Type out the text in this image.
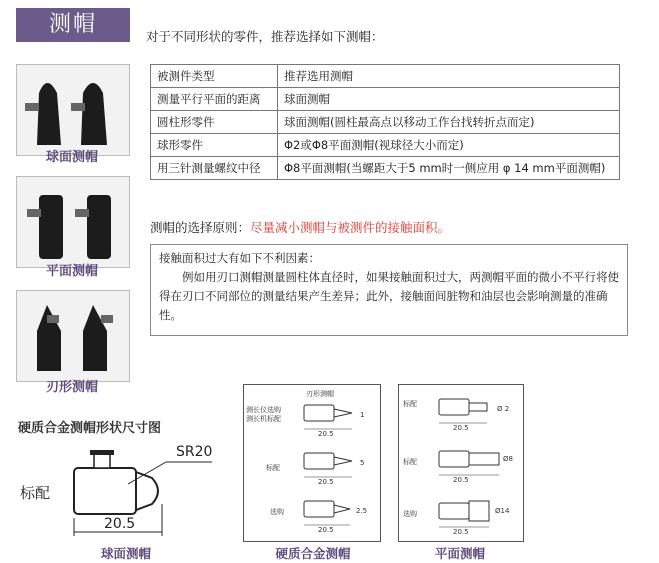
测帽	对于不同形状的零件，推荐选择如下测帽：
被测件类型	推荐选用测帽
测量平行平面的距离	球面测帽
圆柱形零件	球面测帽(圆柱最高点以移动工作台找转折点而定)
球形零件	Φ2或Φ8平面测帽(视球径大小而定)
用三针测量螺纹中径	Φ8平面测帽(当螺距大于5 mm时一侧应用 φ 14 mm平面测帽)
球面测帽
平面测帽
刃形测帽
测帽的选择原则：尽量减小测帽与被测件的接触面积。

接触面积过大有如下不利因素：

例如用刃口测帽测量圆柱体直径时，如果接触面积过大，两测帽平面的微小不平行将使得在刃口不同部位的测量结果产生差异；此外，接触面间脏物和油层也会影响测量的准确性。

硬质合金测帽形状尺寸图
SR20
标配
20.5
球面测帽
刃形测帽
测长仪选购
测长机标配
标配
选购
20.5
20.5
20.5
1
5
2.5
硬质合金测帽
标配
标配
选购
20.5
20.5
20.5
Ø 2
Ø8
Ø14
平面测帽
